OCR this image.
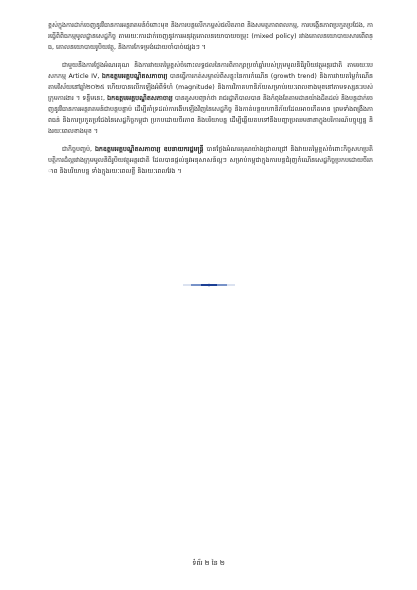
ខ្ពស់ក្នុងការដាក់ចេញនូវវិធានការអន្តរាគមន៍ចំពោះមុខ និងការបន្តលើកកម្ពស់ផលិតភាព និងសមត្ថភាពពលកម្ម, ការបង្កើនភាពប្រកួតប្រជែង, ការធ្វើពិពិធកម្មមូលដ្ឋានសេដ្ឋកិច្ច តាមរយៈការដាក់ចេញនូវការអនុវត្តគោលនយោបាយចម្រុះ (mixed policy) រវាងគោលនយោបាយសារពើពន្ធ, គោលនយោបាយរូបិយវត្ថុ, និងការកែទម្រង់ដោយចាំបាច់ផ្សេងៗ ។

ជាមួយនឹងការថ្លែងអំណរគុណ និងការវាយតម្លៃខ្ពស់ចំពោះលទ្ធផលនៃការពិភាក្សាប្រចាំឆ្នាំរបស់ក្រុមមូលនិធិរូបិយវត្ថុអន្តរជាតិ តាមរយៈបេសកកម្ម Article IV, ឯកឧត្តមអគ្គបណ្ឌិតសភាចារ្យ បានធ្វើការកត់សម្គាល់ពីសន្ទុះនៃការកំណើន (growth trend) និងការវាយតម្លៃកំណើនតាមវិស័យនៅឆ្នាំ២០២៥ ហើយបានលើកឡើងអំពីទំហំ (magnitude) និងការវិភាគហានិភ័យសម្រាប់រយៈពេលខាងមុខនៅតាមទស្សនៈរបស់ក្រុមការងារ ។ ទន្ទឹមនេះ, ឯកឧត្តមអគ្គបណ្ឌិតសភាចារ្យ បានគូសបញ្ជាក់ថា រាជរដ្ឋាភិបាលបាន និងកំពុងតែតាមដានយ៉ាងដិតដល់ និងបន្តដាក់ចេញនូវវិធានការអន្តរាគមន៍ជាបន្តបន្ទាប់ ដើម្បីគាំទ្រដល់ការងើបឡើងវិញនៃសេដ្ឋកិច្ច និងកាត់បន្ថយហានិភ័យដែលអាចកើតមាន ព្រមទាំងពង្រឹងភាពធន់ និងការប្រកួតប្រជែងនៃសេដ្ឋកិច្ចកម្ពុជា ប្រកបដោយចីរភាព និងបរិយាបន្ន ដើម្បីឆ្លើយតបទៅនឹងបញ្ហាប្រឈមនានាក្នុងបរិការណ៍បច្ចុប្បន្ន និងរយៈពេលខាងមុខ ។

ជាកិច្ចបញ្ចប់, ឯកឧត្តមអគ្គបណ្ឌិតសភាចារ្យ ឧបនាយករដ្ឋមន្ត្រី បានថ្លែងអំណរគុណយ៉ាងជ្រាលជ្រៅ និងវាយតម្លៃខ្ពស់ចំពោះកិច្ចសហប្រតិបត្តិការដ៏ល្អរវាងក្រុមមូលនិធិរូបិយវត្ថុអន្តរជាតិ ដែលបានផ្ដល់នូវអនុសាសន៍ល្អៗ សម្រាប់កម្ពុជាក្នុងការបន្តជំរុញកំណើនសេដ្ឋកិច្ចប្រកបដោយចីរភាព និងបរិយាបន្ន ទាំងក្នុងរយៈពេលខ្លី និងរយៈពេលវែង ។

ទំព័រ ២ នៃ ២
